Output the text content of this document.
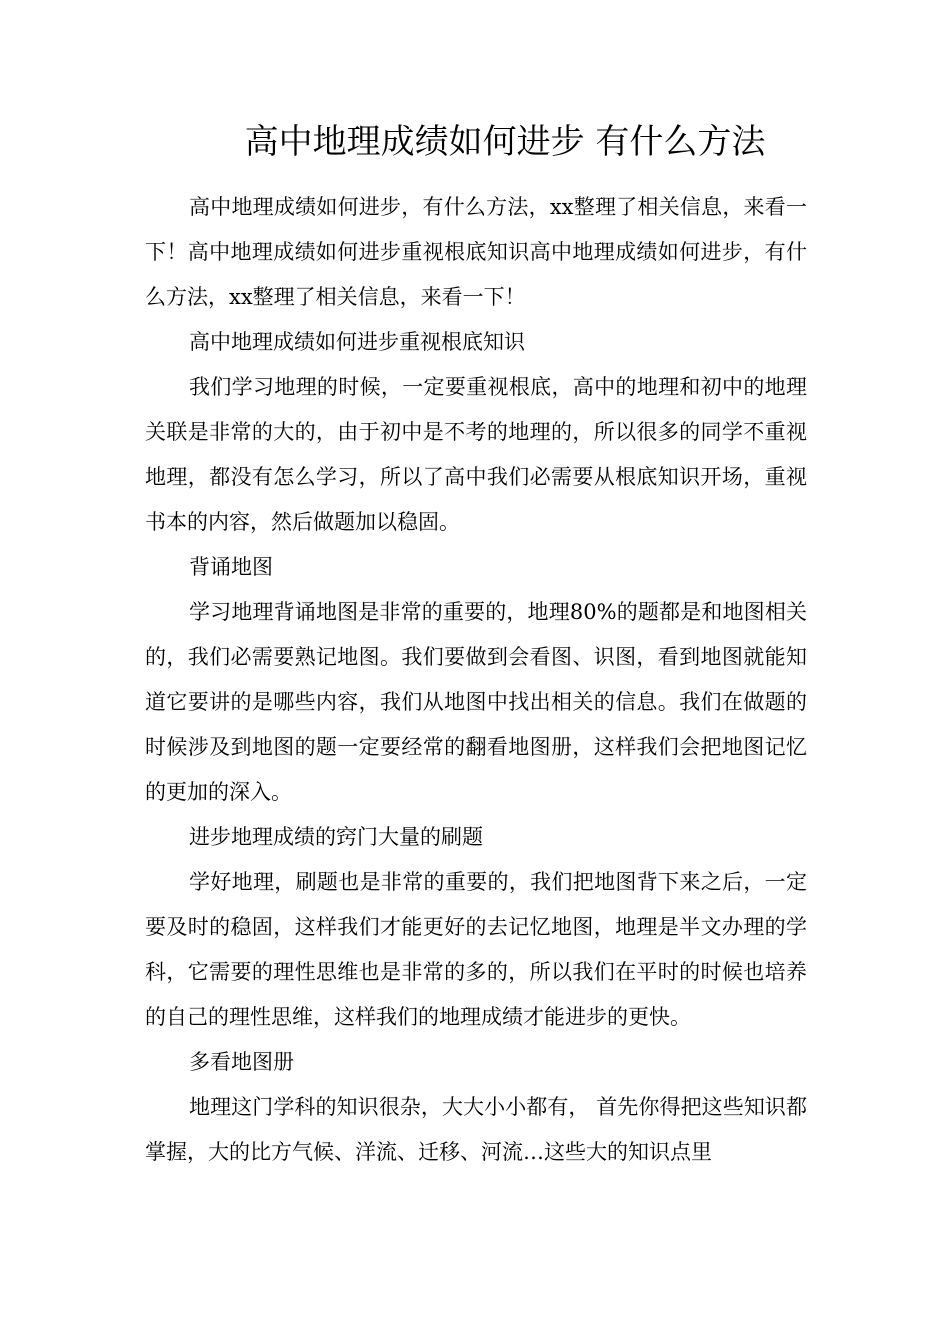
高中地理成绩如何进步 有什么方法

高中地理成绩如何进步，有什么方法，xx整理了相关信息，来看一下！高中地理成绩如何进步重视根底知识高中地理成绩如何进步，有什么方法，xx整理了相关信息，来看一下！

高中地理成绩如何进步重视根底知识

我们学习地理的时候，一定要重视根底，高中的地理和初中的地理关联是非常的大的，由于初中是不考的地理的，所以很多的同学不重视地理，都没有怎么学习，所以了高中我们必需要从根底知识开场，重视书本的内容，然后做题加以稳固。

背诵地图

学习地理背诵地图是非常的重要的，地理80%的题都是和地图相关的，我们必需要熟记地图。我们要做到会看图、识图，看到地图就能知道它要讲的是哪些内容，我们从地图中找出相关的信息。我们在做题的时候涉及到地图的题一定要经常的翻看地图册，这样我们会把地图记忆的更加的深入。

进步地理成绩的窍门大量的刷题

学好地理，刷题也是非常的重要的，我们把地图背下来之后，一定要及时的稳固，这样我们才能更好的去记忆地图，地理是半文办理的学科，它需要的理性思维也是非常的多的，所以我们在平时的时候也培养的自己的理性思维，这样我们的地理成绩才能进步的更快。

多看地图册

地理这门学科的知识很杂，大大小小都有， 首先你得把这些知识都掌握，大的比方气候、洋流、迁移、河流…这些大的知识点里
